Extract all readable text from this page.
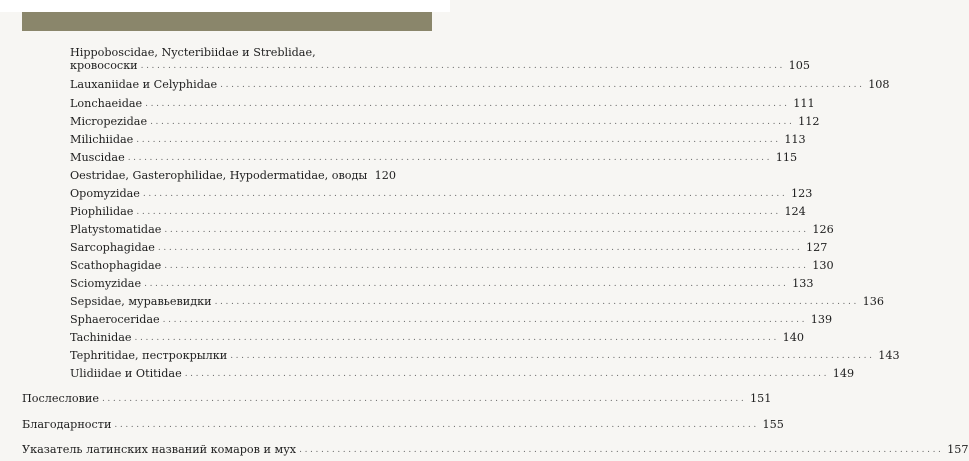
Hippoboscidae, Nycteribiidae и Streblidae,
кровососки ...................................................................................................................... 105
Lauxaniidae и Celyphidae ...................................................................................................................... 108
Lonchaeidae ...................................................................................................................... 111
Micropezidae ...................................................................................................................... 112
Milichiidae ...................................................................................................................... 113
Muscidae ...................................................................................................................... 115
Oestridae, Gasterophilidae, Hypodermatidae, оводы 120
Opomyzidae ...................................................................................................................... 123
Piophilidae ...................................................................................................................... 124
Platystomatidae ...................................................................................................................... 126
Sarcophagidae ...................................................................................................................... 127
Scathophagidae ...................................................................................................................... 130
Sciomyzidae ...................................................................................................................... 133
Sepsidae, муравьевидки ...................................................................................................................... 136
Sphaeroceridae ...................................................................................................................... 139
Tachinidae ...................................................................................................................... 140
Tephritidae, пестрокрылки ...................................................................................................................... 143
Ulidiidae и Otitidae ...................................................................................................................... 149
Послесловие ...................................................................................................................... 151
Благодарности ...................................................................................................................... 155
Указатель латинских названий комаров и мух ...................................................................................................................... 157
